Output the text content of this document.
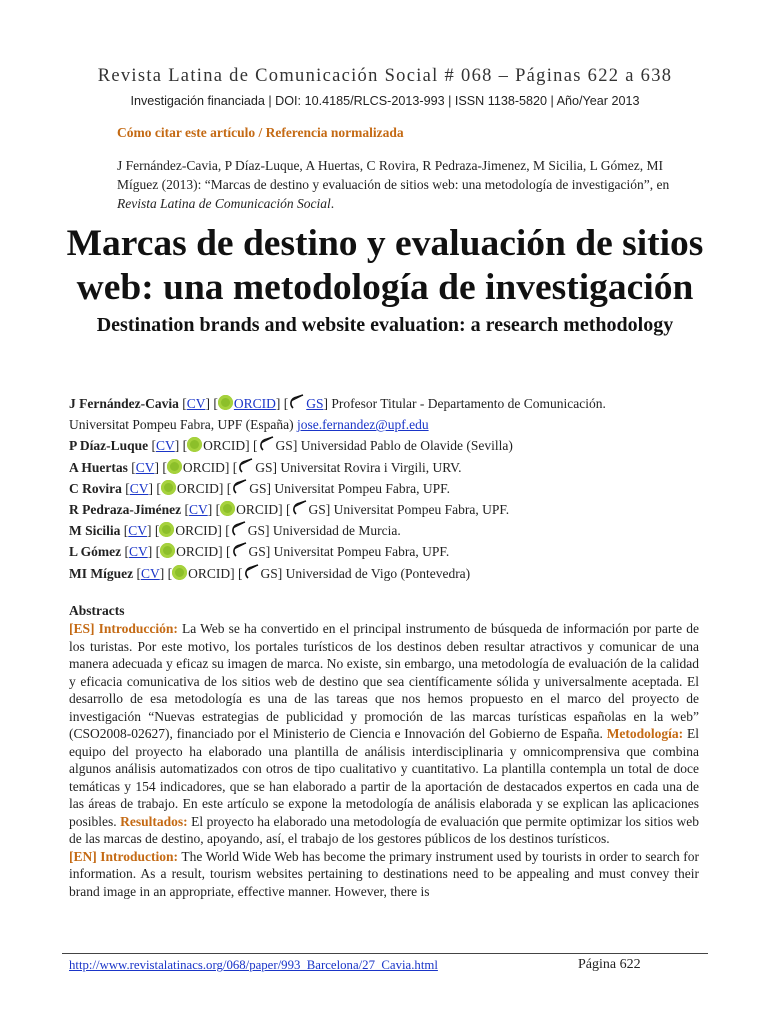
Revista Latina de Comunicación Social # 068 – Páginas 622 a 638
Investigación financiada | DOI: 10.4185/RLCS-2013-993 | ISSN 1138-5820 | Año/Year 2013
Cómo citar este artículo / Referencia normalizada
J Fernández-Cavia, P Díaz-Luque, A Huertas, C Rovira, R Pedraza-Jimenez, M Sicilia, L Gómez, MI Míguez (2013): “Marcas de destino y evaluación de sitios web: una metodología de investigación”, en Revista Latina de Comunicación Social.
Marcas de destino y evaluación de sitios web: una metodología de investigación
Destination brands and website evaluation: a research methodology
J Fernández-Cavia [CV] [ ORCID] [ GS] Profesor Titular - Departamento de Comunicación.
Universitat Pompeu Fabra, UPF (España) jose.fernandez@upf.edu
P Díaz-Luque [CV] [ ORCID] [ GS] Universidad Pablo de Olavide (Sevilla)
A Huertas [CV] [ ORCID] [ GS] Universitat Rovira i Virgili, URV.
C Rovira [CV] [ ORCID] [ GS] Universitat Pompeu Fabra, UPF.
R Pedraza-Jiménez [CV] [ ORCID] [ GS] Universitat Pompeu Fabra, UPF.
M Sicilia [CV] [ ORCID] [ GS] Universidad de Murcia.
L Gómez [CV] [ ORCID] [ GS] Universitat Pompeu Fabra, UPF.
MI Míguez [CV] [ ORCID] [ GS] Universidad de Vigo (Pontevedra)
Abstracts

[ES] Introducción: La Web se ha convertido en el principal instrumento de búsqueda de información por parte de los turistas. Por este motivo, los portales turísticos de los destinos deben resultar atractivos y comunicar de una manera adecuada y eficaz su imagen de marca. No existe, sin embargo, una metodología de evaluación de la calidad y eficacia comunicativa de los sitios web de destino que sea científicamente sólida y universalmente aceptada. El desarrollo de esa metodología es una de las tareas que nos hemos propuesto en el marco del proyecto de investigación “Nuevas estrategias de publicidad y promoción de las marcas turísticas españolas en la web” (CSO2008-02627), financiado por el Ministerio de Ciencia e Innovación del Gobierno de España. Metodología: El equipo del proyecto ha elaborado una plantilla de análisis interdisciplinaria y omnicomprensiva que combina algunos análisis automatizados con otros de tipo cualitativo y cuantitativo. La plantilla contempla un total de doce temáticas y 154 indicadores, que se han elaborado a partir de la aportación de destacados expertos en cada una de las áreas de trabajo. En este artículo se expone la metodología de análisis elaborada y se explican las aplicaciones posibles. Resultados: El proyecto ha elaborado una metodología de evaluación que permite optimizar los sitios web de las marcas de destino, apoyando, así, el trabajo de los gestores públicos de los destinos turísticos.

[EN] Introduction: The World Wide Web has become the primary instrument used by tourists in order to search for information. As a result, tourism websites pertaining to destinations need to be appealing and must convey their brand image in an appropriate, effective manner. However, there is

http://www.revistalatinacs.org/068/paper/993_Barcelona/27_Cavia.html	Página 622
